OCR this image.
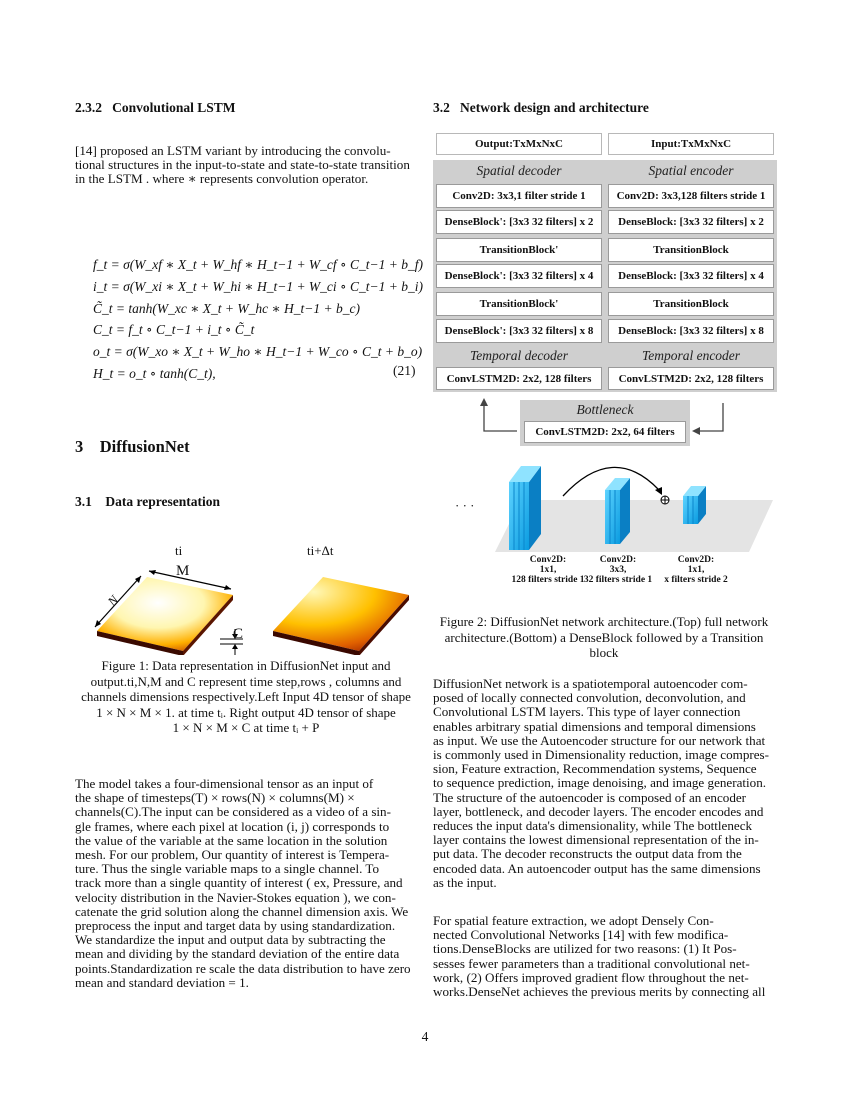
2.3.2 Convolutional LSTM
[14] proposed an LSTM variant by introducing the convolu-
tional structures in the input-to-state and state-to-state transition
in the LSTM . where ∗ represents convolution operator.
f_t = σ(W_xf ∗ X_t + W_hf ∗ H_t−1 + W_cf ∘ C_t−1 + b_f)
i_t = σ(W_xi ∗ X_t + W_hi ∗ H_t−1 + W_ci ∘ C_t−1 + b_i)
C̃_t = tanh(W_xc ∗ X_t + W_hc ∗ H_t−1 + b_c)
C_t = f_t ∘ C_t−1 + i_t ∘ C̃_t
o_t = σ(W_xo ∗ X_t + W_ho ∗ H_t−1 + W_co ∘ C_t + b_o)
H_t = o_t ∘ tanh(C_t),	(21)
3 DiffusionNet
3.1 Data representation
ti	ti+Δt
M
N
C
Figure 1: Data representation in DiffusionNet input and
output.ti,N,M and C represent time step,rows , columns and
channels dimensions respectively.Left Input 4D tensor of shape
1 × N × M × 1. at time tᵢ. Right output 4D tensor of shape
1 × N × M × C at time tᵢ + P
The model takes a four-dimensional tensor as an input of
the shape of timesteps(T) × rows(N) × columns(M) ×
channels(C).The input can be considered as a video of a sin-
gle frames, where each pixel at location (i, j) corresponds to
the value of the variable at the same location in the solution
mesh. For our problem, Our quantity of interest is Tempera-
ture. Thus the single variable maps to a single channel. To
track more than a single quantity of interest ( ex, Pressure, and
velocity distribution in the Navier-Stokes equation ), we con-
catenate the grid solution along the channel dimension axis. We
preprocess the input and target data by using standardization.
We standardize the input and output data by subtracting the
mean and dividing by the standard deviation of the entire data
points.Standardization re scale the data distribution to have zero
mean and standard deviation = 1.
3.2 Network design and architecture
Output:TxMxNxC
Spatial decoder
Conv2D: 3x3,1 filter stride 1
DenseBlock': [3x3 32 filters] x 2
TransitionBlock'
DenseBlock': [3x3 32 filters] x 4
TransitionBlock'
DenseBlock': [3x3 32 filters] x 8
Temporal decoder
ConvLSTM2D: 2x2, 128 filters
Input:TxMxNxC
Spatial encoder
Conv2D: 3x3,128 filters stride 1
DenseBlock: [3x3 32 filters] x 2
TransitionBlock
DenseBlock: [3x3 32 filters] x 4
TransitionBlock
DenseBlock: [3x3 32 filters] x 8
Temporal encoder
ConvLSTM2D: 2x2, 128 filters
Bottleneck
ConvLSTM2D: 2x2, 64 filters
· · ·
Conv2D:
1x1,
128 filters stride 1
Conv2D:
3x3,
32 filters stride 1
Conv2D:
1x1,
x filters stride 2
Figure 2: DiffusionNet network architecture.(Top) full network
architecture.(Bottom) a DenseBlock followed by a Transition
block
DiffusionNet network is a spatiotemporal autoencoder com-
posed of locally connected convolution, deconvolution, and
Convolutional LSTM layers. This type of layer connection
enables arbitrary spatial dimensions and temporal dimensions
as input. We use the Autoencoder structure for our network that
is commonly used in Dimensionality reduction, image compres-
sion, Feature extraction, Recommendation systems, Sequence
to sequence prediction, image denoising, and image generation.
The structure of the autoencoder is composed of an encoder
layer, bottleneck, and decoder layers. The encoder encodes and
reduces the input data's dimensionality, while The bottleneck
layer contains the lowest dimensional representation of the in-
put data. The decoder reconstructs the output data from the
encoded data. An autoencoder output has the same dimensions
as the input.
For spatial feature extraction, we adopt Densely Con-
nected Convolutional Networks [14] with few modifica-
tions.DenseBlocks are utilized for two reasons: (1) It Pos-
sesses fewer parameters than a traditional convolutional net-
work, (2) Offers improved gradient flow throughout the net-
works.DenseNet achieves the previous merits by connecting all
4
